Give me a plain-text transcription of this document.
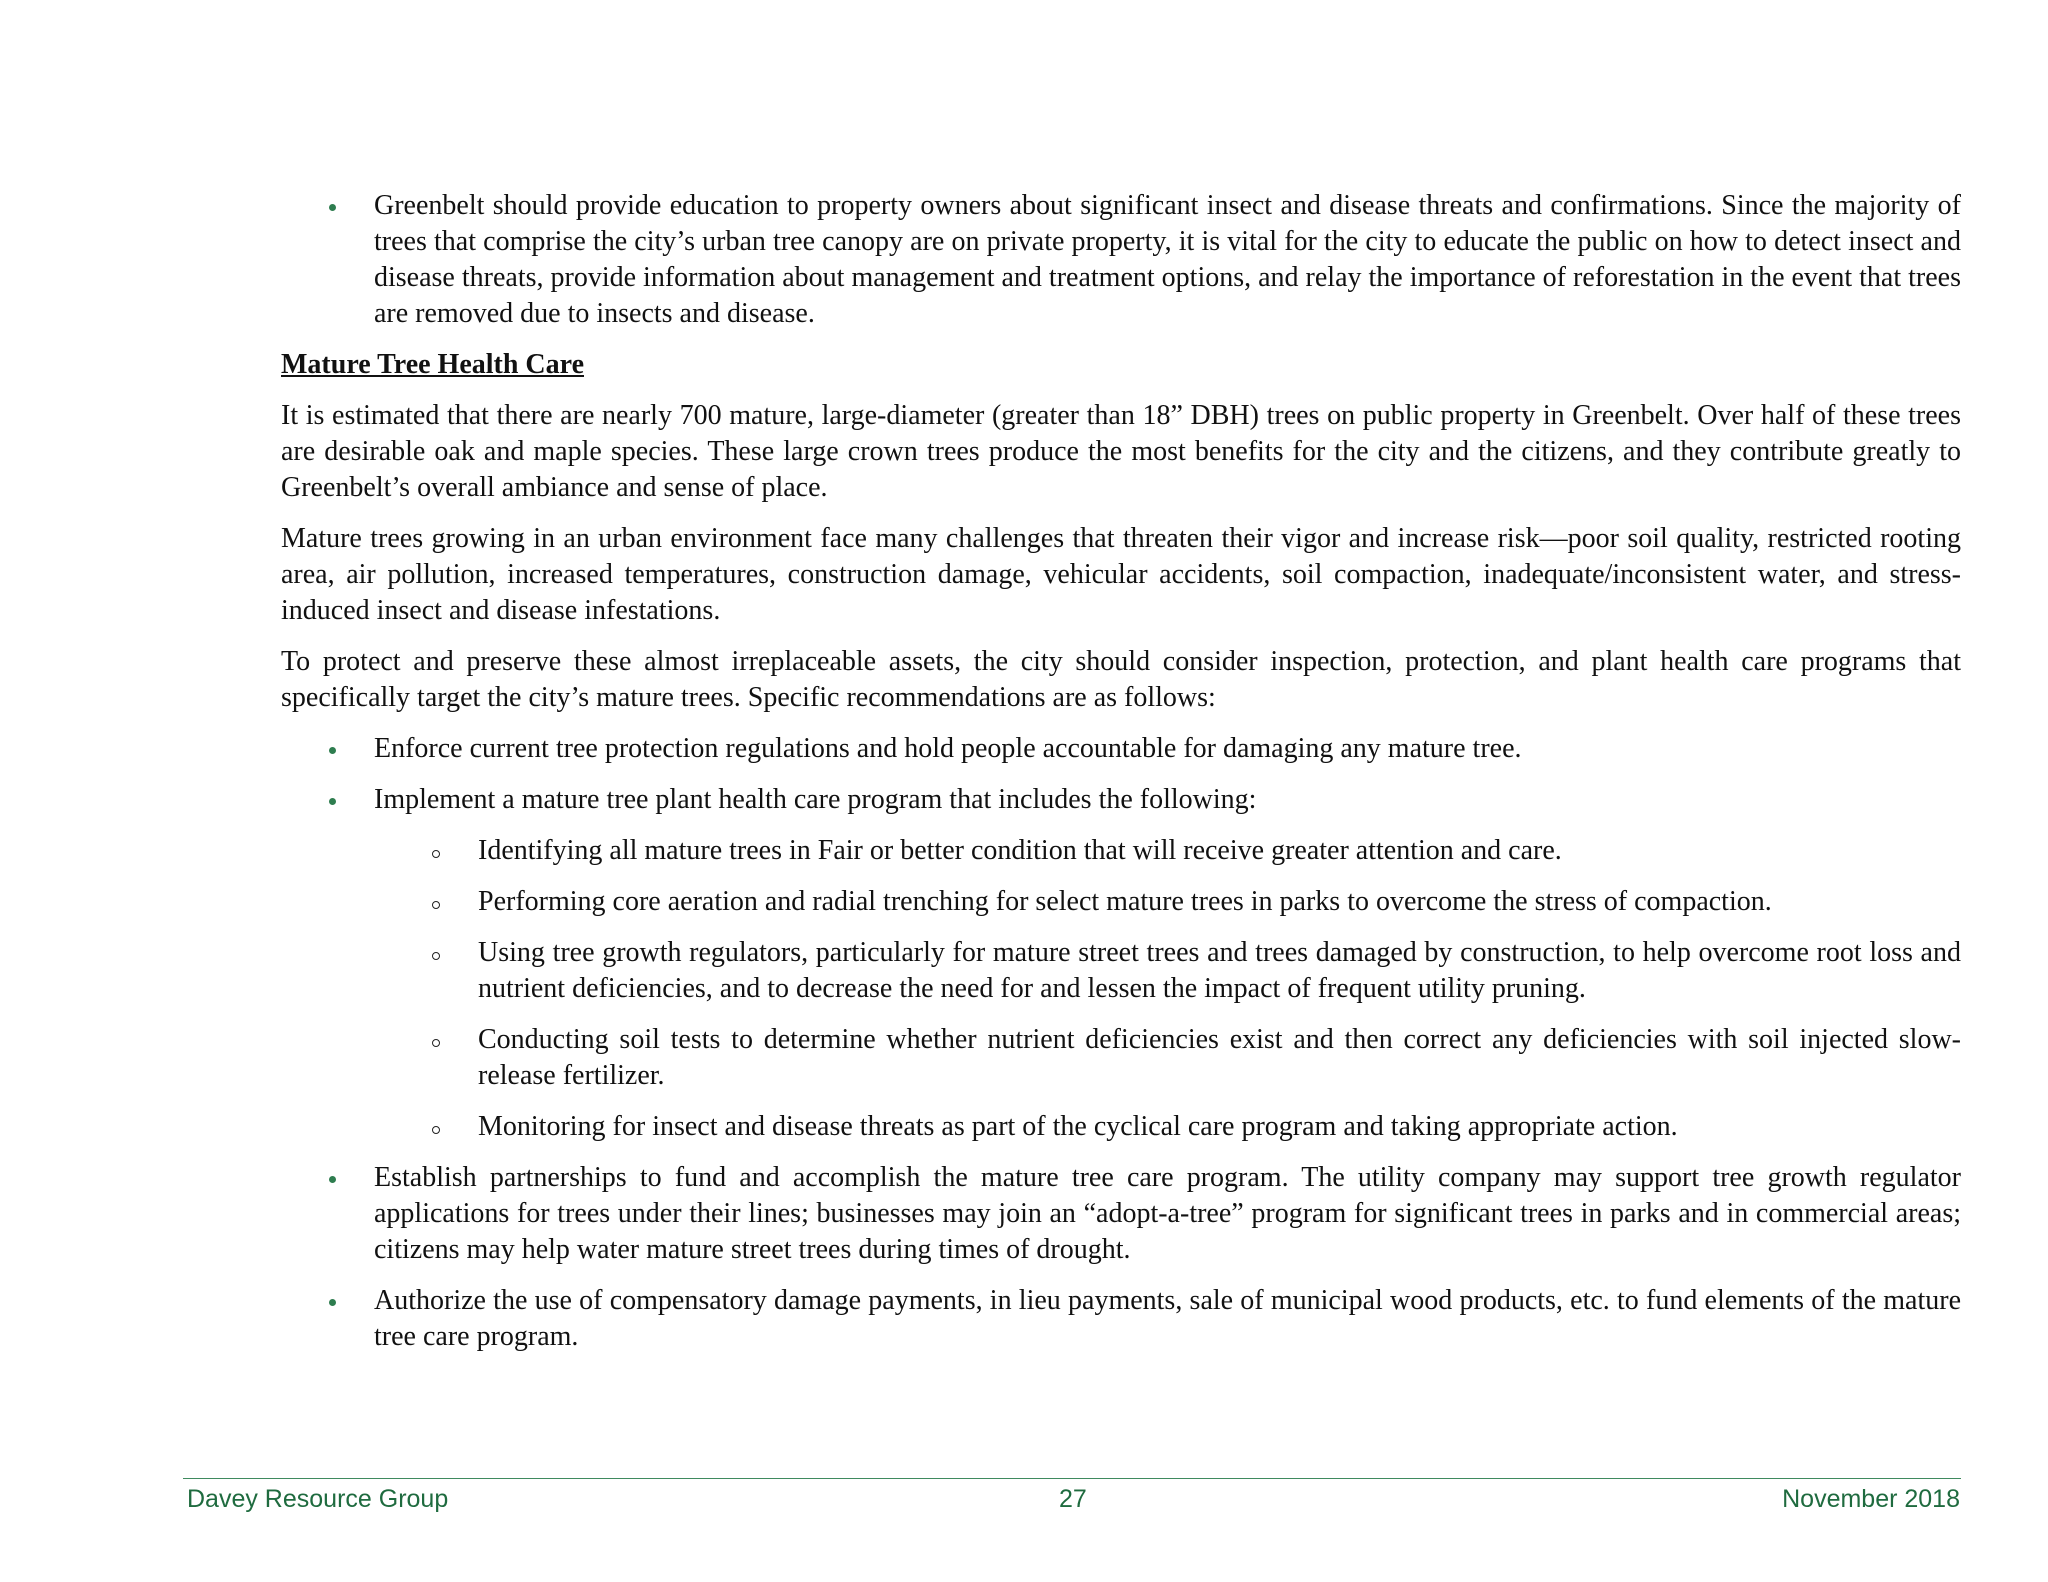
Greenbelt should provide education to property owners about significant insect and disease threats and confirmations. Since the majority of trees that comprise the city’s urban tree canopy are on private property, it is vital for the city to educate the public on how to detect insect and disease threats, provide information about management and treatment options, and relay the importance of reforestation in the event that trees are removed due to insects and disease.
Mature Tree Health Care

It is estimated that there are nearly 700 mature, large-diameter (greater than 18” DBH) trees on public property in Greenbelt. Over half of these trees are desirable oak and maple species. These large crown trees produce the most benefits for the city and the citizens, and they contribute greatly to Greenbelt’s overall ambiance and sense of place.

Mature trees growing in an urban environment face many challenges that threaten their vigor and increase risk—poor soil quality, restricted rooting area, air pollution, increased temperatures, construction damage, vehicular accidents, soil compaction, inadequate/inconsistent water, and stress-induced insect and disease infestations.

To protect and preserve these almost irreplaceable assets, the city should consider inspection, protection, and plant health care programs that specifically target the city’s mature trees. Specific recommendations are as follows:

Enforce current tree protection regulations and hold people accountable for damaging any mature tree.
Implement a mature tree plant health care program that includes the following:
Identifying all mature trees in Fair or better condition that will receive greater attention and care.
Performing core aeration and radial trenching for select mature trees in parks to overcome the stress of compaction.
Using tree growth regulators, particularly for mature street trees and trees damaged by construction, to help overcome root loss and nutrient deficiencies, and to decrease the need for and lessen the impact of frequent utility pruning.
Conducting soil tests to determine whether nutrient deficiencies exist and then correct any deficiencies with soil injected slow-release fertilizer.
Monitoring for insect and disease threats as part of the cyclical care program and taking appropriate action.
Establish partnerships to fund and accomplish the mature tree care program. The utility company may support tree growth regulator applications for trees under their lines; businesses may join an “adopt-a-tree” program for significant trees in parks and in commercial areas; citizens may help water mature street trees during times of drought.
Authorize the use of compensatory damage payments, in lieu payments, sale of municipal wood products, etc. to fund elements of the mature tree care program.
Davey Resource Group	27	November 2018
